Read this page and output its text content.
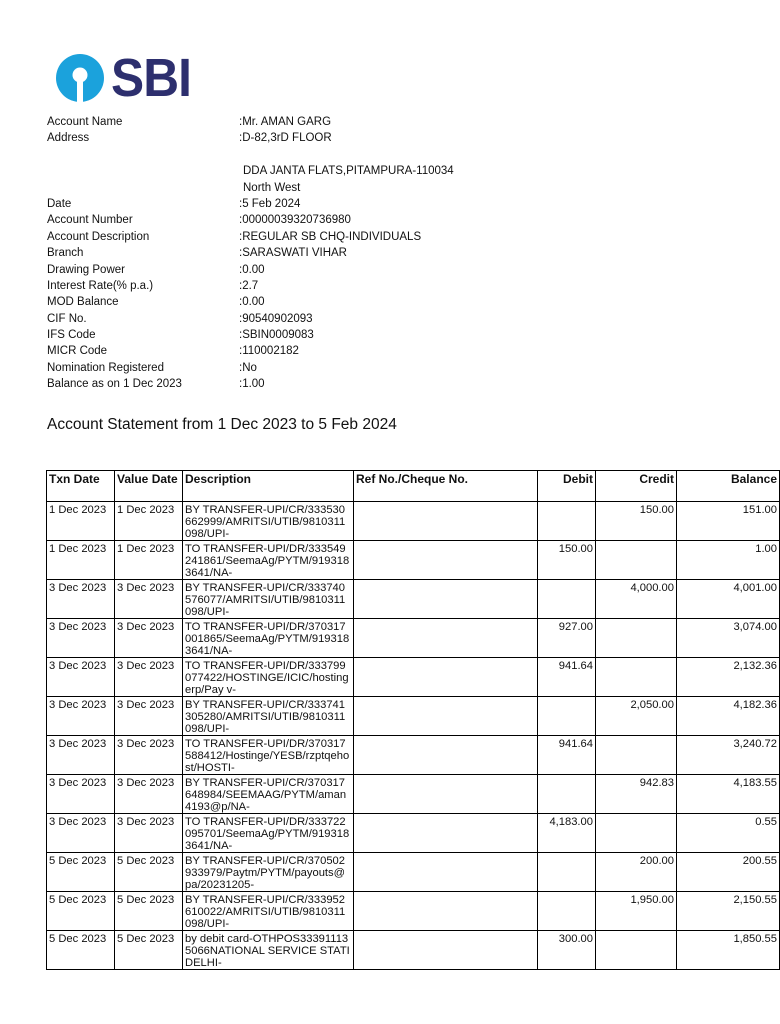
SBI
Account Name	:Mr. AMAN GARG
Address	:D-82,3rD FLOOR
DDA JANTA FLATS,PITAMPURA-110034
North West
Date	:5 Feb 2024
Account Number	:00000039320736980
Account Description	:REGULAR SB CHQ-INDIVIDUALS
Branch	:SARASWATI VIHAR
Drawing Power	:0.00
Interest Rate(% p.a.)	:2.7
MOD Balance	:0.00
CIF No.	:90540902093
IFS Code	:SBIN0009083
MICR Code	:110002182
Nomination Registered	:No
Balance as on 1 Dec 2023	:1.00
Account Statement from 1 Dec 2023 to 5 Feb 2024
Txn Date	Value Date	Description	Ref No./Cheque No.	Debit	Credit	Balance
1 Dec 2023	1 Dec 2023	BY TRANSFER-UPI/CR/333530662999/AMRITSI/UTIB/9810311098/UPI-			150.00	151.00
1 Dec 2023	1 Dec 2023	TO TRANSFER-UPI/DR/333549241861/SeemaAg/PYTM/9193183641/NA-		150.00		1.00
3 Dec 2023	3 Dec 2023	BY TRANSFER-UPI/CR/333740576077/AMRITSI/UTIB/9810311098/UPI-			4,000.00	4,001.00
3 Dec 2023	3 Dec 2023	TO TRANSFER-UPI/DR/370317001865/SeemaAg/PYTM/9193183641/NA-		927.00		3,074.00
3 Dec 2023	3 Dec 2023	TO TRANSFER-UPI/DR/333799077422/HOSTINGE/ICIC/hostingerp/Pay v-		941.64		2,132.36
3 Dec 2023	3 Dec 2023	BY TRANSFER-UPI/CR/333741305280/AMRITSI/UTIB/9810311098/UPI-			2,050.00	4,182.36
3 Dec 2023	3 Dec 2023	TO TRANSFER-UPI/DR/370317588412/Hostinge/YESB/rzptqehost/HOSTI-		941.64		3,240.72
3 Dec 2023	3 Dec 2023	BY TRANSFER-UPI/CR/370317648984/SEEMAAG/PYTM/aman4193@p/NA-			942.83	4,183.55
3 Dec 2023	3 Dec 2023	TO TRANSFER-UPI/DR/333722095701/SeemaAg/PYTM/9193183641/NA-		4,183.00		0.55
5 Dec 2023	5 Dec 2023	BY TRANSFER-UPI/CR/370502933979/Paytm/PYTM/payouts@pa/20231205-			200.00	200.55
5 Dec 2023	5 Dec 2023	BY TRANSFER-UPI/CR/333952610022/AMRITSI/UTIB/9810311098/UPI-			1,950.00	2,150.55
5 Dec 2023	5 Dec 2023	by debit card-OTHPOS333911135066NATIONAL SERVICE STATIDELHI-		300.00		1,850.55
